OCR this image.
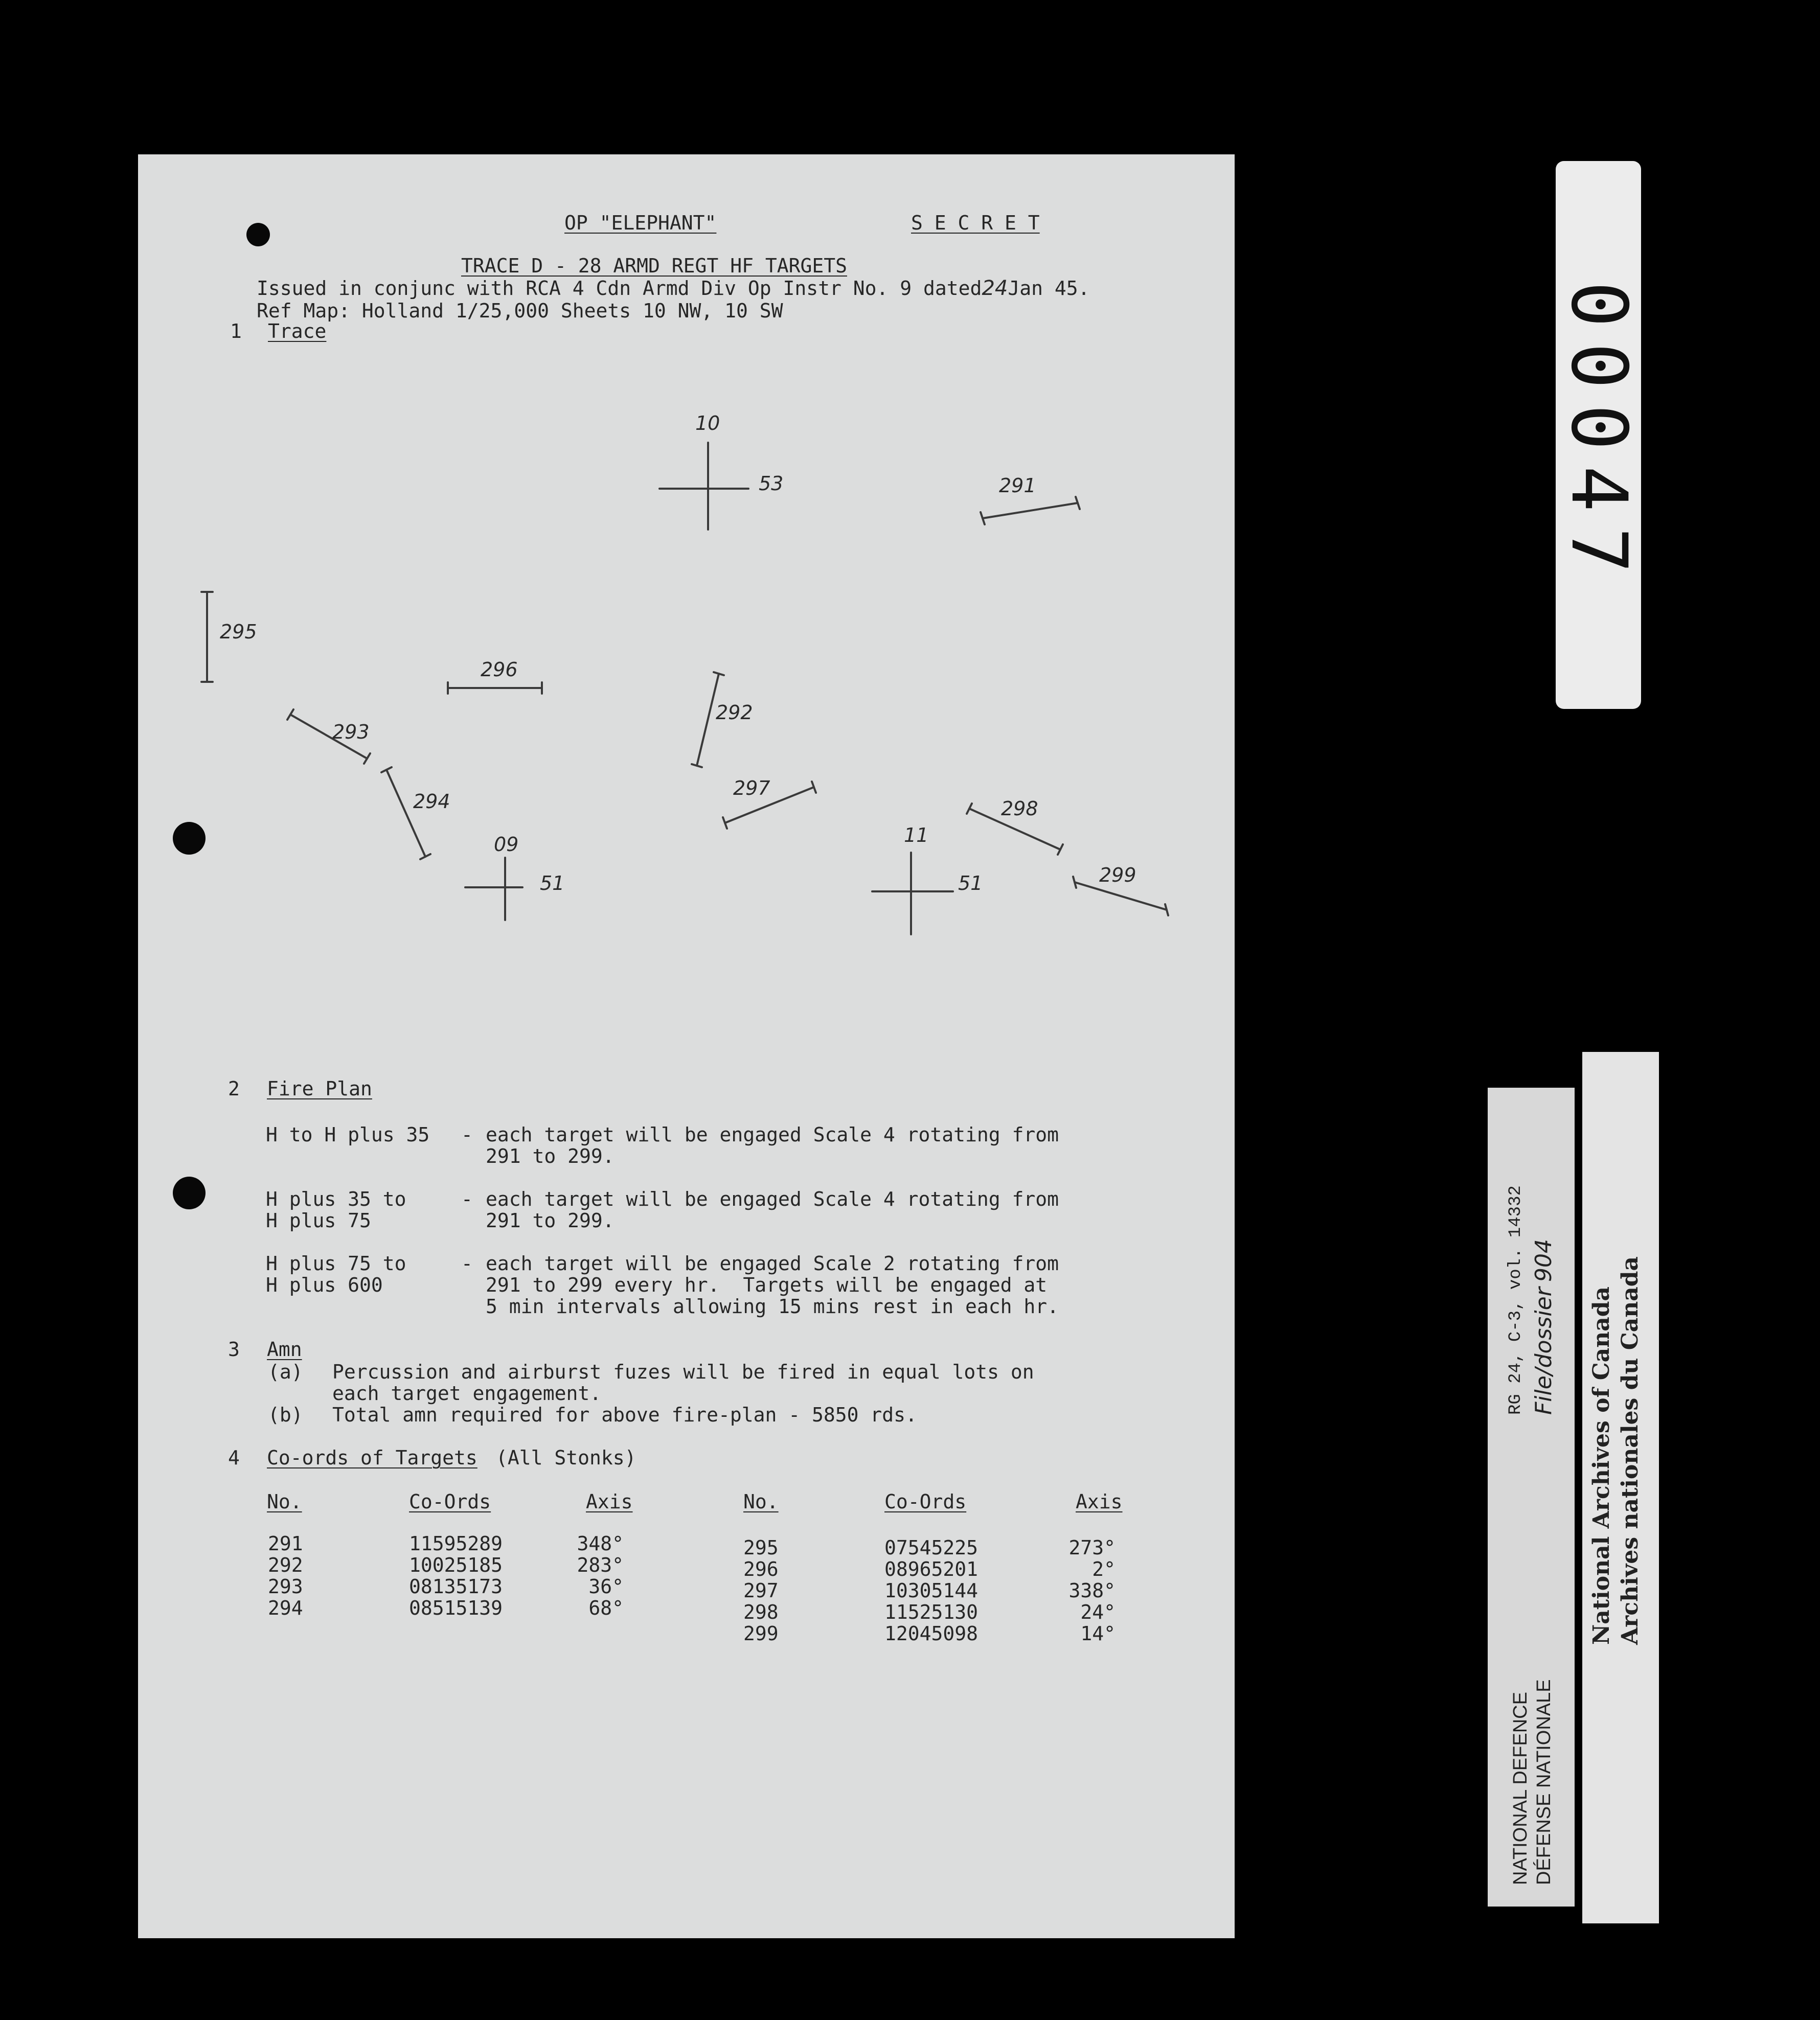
OP "ELEPHANT"	S E C R E T
TRACE D - 28 ARMD REGT HF TARGETS
Issued in conjunc with RCA 4 Cdn Armd Div Op Instr No. 9 dated24Jan 45.
Ref Map: Holland 1/25,000 Sheets 10 NW, 10 SW
1 Trace
10
53
09
51
11
51
291
292
293
294
295
296
297
298
299
2 Fire Plan
H to H plus 35 - each target will be engaged Scale 4 rotating from
291 to 299.
H plus 35 to
H plus 75
- each target will be engaged Scale 4 rotating from
291 to 299.
H plus 75 to
H plus 600
- each target will be engaged Scale 2 rotating from
291 to 299 every hr.  Targets will be engaged at
5 min intervals allowing 15 mins rest in each hr.
3 Amn
(a) Percussion and airburst fuzes will be fired in equal lots on
each target engagement.
(b) Total amn required for above fire-plan - 5850 rds.
4 Co-ords of Targets (All Stonks)
No.	Co-Ords	Axis	No.	Co-Ords	Axis
291	11595289	348°
292	10025185	283°
293	08135173	36°
294	08515139	68°
295	07545225	273°
296	08965201	2°
297	10305144	338°
298	11525130	24°
299	12045098	14°
00047
NATIONAL DEFENCE DÉFENSE NATIONALE
RG 24, C-3, vol. 14332 File/dossier
904
National Archives of Canada Archives nationales du Canada
